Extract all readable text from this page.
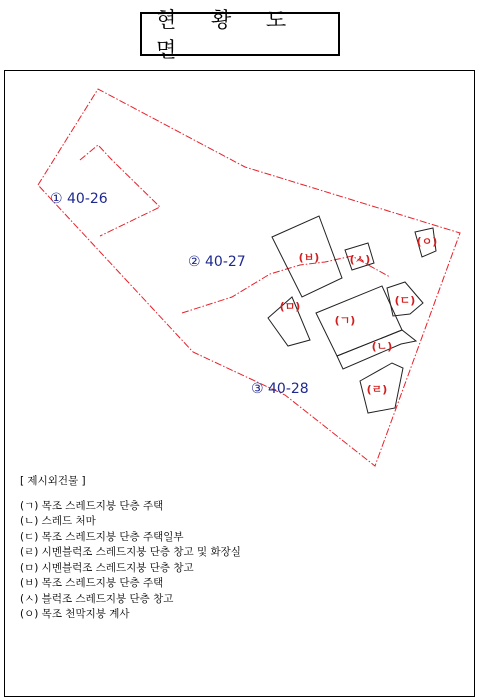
현 황 도 면
① 40-26
② 40-27
③ 40-28
(ㄱ)
(ㄴ)
(ㄷ)
(ㄹ)
(ㅁ)
(ㅂ)	(ㅅ)
(ㅇ)
[ 제시외건물 ]
(ㄱ) 목조 스레드지붕 단층 주택
(ㄴ) 스레드 처마
(ㄷ) 목조 스레드지붕 단층 주택일부
(ㄹ) 시멘블럭조 스레드지붕 단층 창고 및 화장실
(ㅁ) 시멘블럭조 스레드지붕 단층 창고
(ㅂ) 목조 스레드지붕 단층 주택
(ㅅ) 블럭조 스레드지붕 단층 창고
(ㅇ) 목조 천막지붕 계사
